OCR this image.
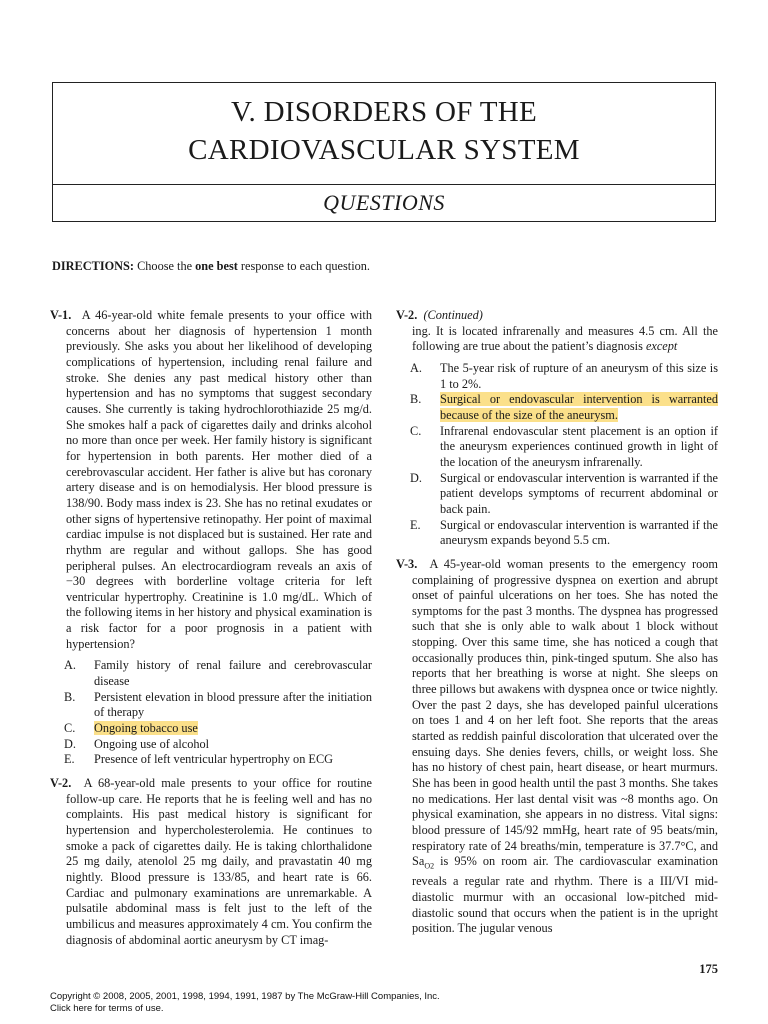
V. DISORDERS OF THE
CARDIOVASCULAR SYSTEM
QUESTIONS
DIRECTIONS: Choose the one best response to each question.

V-1. A 46-year-old white female presents to your office with concerns about her diagnosis of hypertension 1 month previously. She asks you about her likelihood of developing complications of hypertension, including renal failure and stroke. She denies any past medical history other than hypertension and has no symptoms that suggest secondary causes. She currently is taking hydrochlorothiazide 25 mg/d. She smokes half a pack of cigarettes daily and drinks alcohol no more than once per week. Her family history is significant for hypertension in both parents. Her mother died of a cerebrovascular accident. Her father is alive but has coronary artery disease and is on hemodialysis. Her blood pressure is 138/90. Body mass index is 23. She has no retinal exudates or other signs of hypertensive retinopathy. Her point of maximal cardiac impulse is not displaced but is sustained. Her rate and rhythm are regular and without gallops. She has good peripheral pulses. An electrocardiogram reveals an axis of −30 degrees with borderline voltage criteria for left ventricular hypertrophy. Creatinine is 1.0 mg/dL. Which of the following items in her history and physical examination is a risk factor for a poor prognosis in a patient with hypertension?

A. Family history of renal failure and cerebrovascular disease
B. Persistent elevation in blood pressure after the initiation of therapy
C. Ongoing tobacco use
D. Ongoing use of alcohol
E. Presence of left ventricular hypertrophy on ECG

V-2. A 68-year-old male presents to your office for routine follow-up care. He reports that he is feeling well and has no complaints. His past medical history is significant for hypertension and hypercholesterolemia. He continues to smoke a pack of cigarettes daily. He is taking chlorthalidone 25 mg daily, atenolol 25 mg daily, and pravastatin 40 mg nightly. Blood pressure is 133/85, and heart rate is 66. Cardiac and pulmonary examinations are unremarkable. A pulsatile abdominal mass is felt just to the left of the umbilicus and measures approximately 4 cm. You confirm the diagnosis of abdominal aortic aneurysm by CT imag-

V-2. (Continued)
ing. It is located infrarenally and measures 4.5 cm. All the following are true about the patient’s diagnosis except

A. The 5-year risk of rupture of an aneurysm of this size is 1 to 2%.
B. Surgical or endovascular intervention is warranted because of the size of the aneurysm.
C. Infrarenal endovascular stent placement is an option if the aneurysm experiences continued growth in light of the location of the aneurysm infrarenally.
D. Surgical or endovascular intervention is warranted if the patient develops symptoms of recurrent abdominal or back pain.
E. Surgical or endovascular intervention is warranted if the aneurysm expands beyond 5.5 cm.

V-3. A 45-year-old woman presents to the emergency room complaining of progressive dyspnea on exertion and abrupt onset of painful ulcerations on her toes. She has noted the symptoms for the past 3 months. The dyspnea has progressed such that she is only able to walk about 1 block without stopping. Over this same time, she has noticed a cough that occasionally produces thin, pink-tinged sputum. She also has reports that her breathing is worse at night. She sleeps on three pillows but awakens with dyspnea once or twice nightly. Over the past 2 days, she has developed painful ulcerations on toes 1 and 4 on her left foot. She reports that the areas started as reddish painful discoloration that ulcerated over the ensuing days. She denies fevers, chills, or weight loss. She has no history of chest pain, heart disease, or heart murmurs. She has been in good health until the past 3 months. She takes no medications. Her last dental visit was ~8 months ago. On physical examination, she appears in no distress. Vital signs: blood pressure of 145/92 mmHg, heart rate of 95 beats/min, respiratory rate of 24 breaths/min, temperature is 37.7°C, and $Sa_{O2}$ is 95% on room air. The cardiovascular examination reveals a regular rate and rhythm. There is a III/VI mid-diastolic murmur with an occasional low-pitched mid-diastolic sound that occurs when the patient is in the upright position. The jugular venous

175
Copyright © 2008, 2005, 2001, 1998, 1994, 1991, 1987 by The McGraw-Hill Companies, Inc.
Click here for terms of use.
